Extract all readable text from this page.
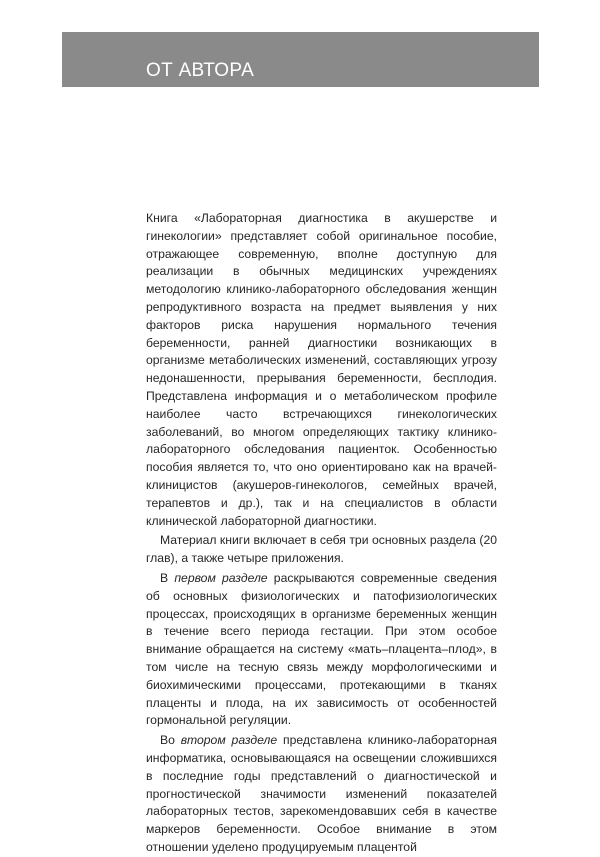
ОТ АВТОРА

Книга «Лабораторная диагностика в акушерстве и гинекологии» представляет собой оригинальное пособие, отражающее современную, вполне доступную для реализации в обычных медицинских учреждениях методологию клинико-лабораторного обследования женщин репродуктивного возраста на предмет выявления у них факторов риска нарушения нормального течения беременности, ранней диагностики возникающих в организме метаболических изменений, составляющих угрозу недонашенности, прерывания беременности, бесплодия. Представлена информация и о метаболическом профиле наиболее часто встречающихся гинекологических заболеваний, во многом определяющих тактику клинико-лабораторного обследования пациенток. Особенностью пособия является то, что оно ориентировано как на врачей-клиницистов (акушеров-гинекологов, семейных врачей, терапевтов и др.), так и на специалистов в области клинической лабораторной диагностики.

Материал книги включает в себя три основных раздела (20 глав), а также четыре приложения.

В первом разделе раскрываются современные сведения об основных физиологических и патофизиологических процессах, происходящих в организме беременных женщин в течение всего периода гестации. При этом особое внимание обращается на систему «мать–плацента–плод», в том числе на тесную связь между морфологическими и биохимическими процессами, протекающими в тканях плаценты и плода, на их зависимость от особенностей гормональной регуляции.

Во втором разделе представлена клинико-лабораторная информатика, основывающаяся на освещении сложившихся в последние годы представлений о диагностической и прогностической значимости изменений показателей лабораторных тестов, зарекомендовавших себя в качестве маркеров беременности. Особое внимание в этом отношении уделено продуцируемым плацентой
